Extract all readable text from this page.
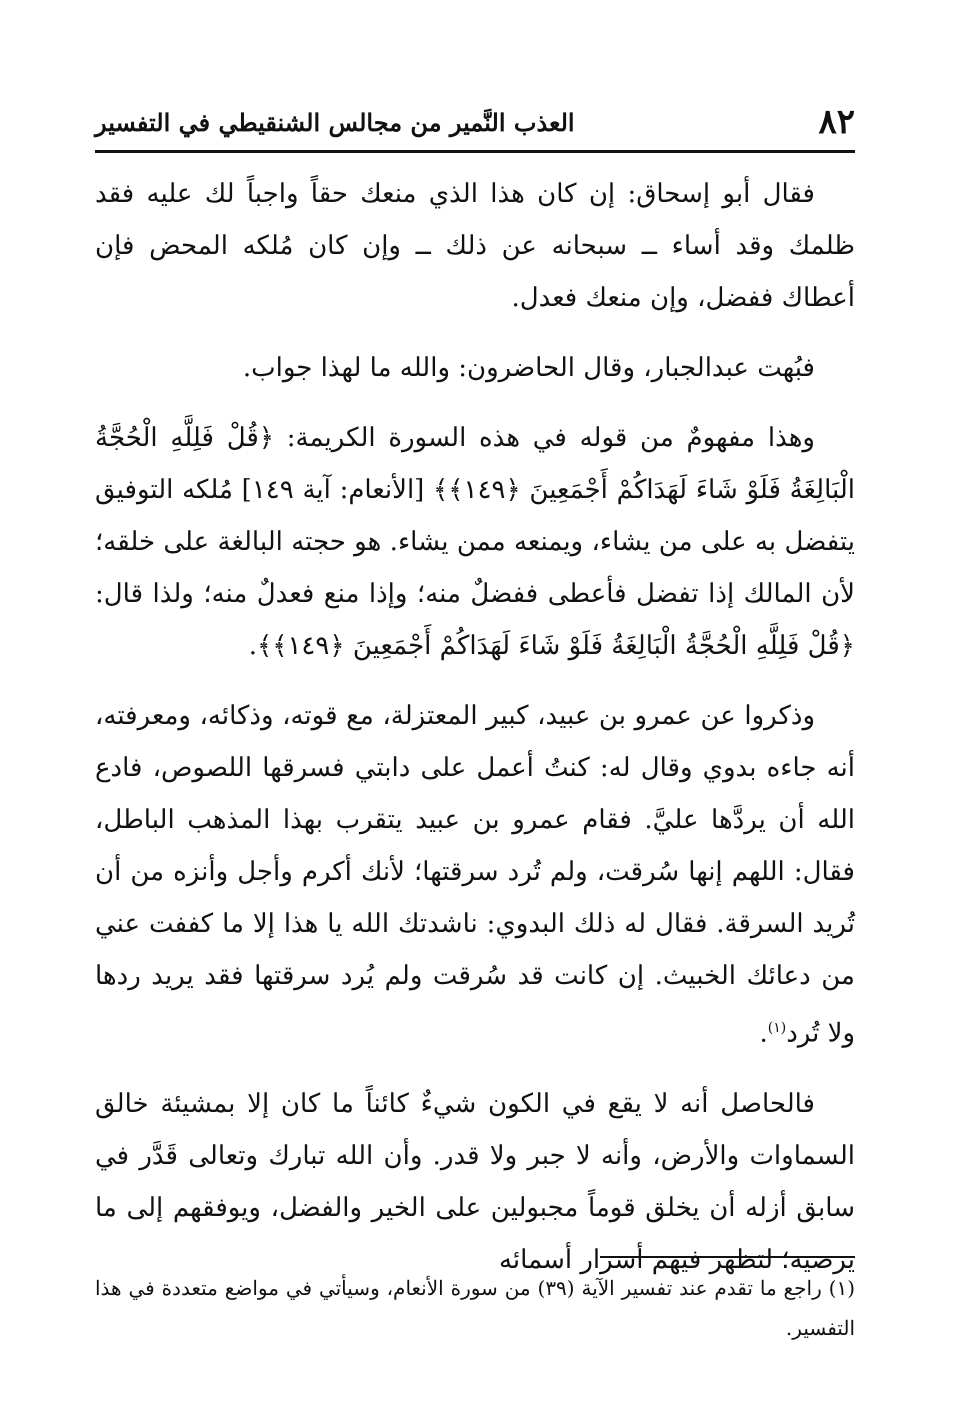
٨٢
العذب النَّمير من مجالس الشنقيطي في التفسير

فقال أبو إسحاق: إن كان هذا الذي منعك حقاً واجباً لك عليه فقد ظلمك وقد أساء ــ سبحانه عن ذلك ــ وإن كان مُلكه المحض فإن أعطاك ففضل، وإن منعك فعدل.

فبُهت عبدالجبار، وقال الحاضرون: والله ما لهذا جواب.

وهذا مفهومٌ من قوله في هذه السورة الكريمة: ﴿قُلْ فَلِلَّهِ الْحُجَّةُ الْبَالِغَةُ فَلَوْ شَاءَ لَهَدَاكُمْ أَجْمَعِينَ ﴿١٤٩﴾﴾ [الأنعام: آية ١٤٩] مُلكه التوفيق يتفضل به على من يشاء، ويمنعه ممن يشاء. هو حجته البالغة على خلقه؛ لأن المالك إذا تفضل فأعطى ففضلٌ منه؛ وإذا منع فعدلٌ منه؛ ولذا قال: ﴿قُلْ فَلِلَّهِ الْحُجَّةُ الْبَالِغَةُ فَلَوْ شَاءَ لَهَدَاكُمْ أَجْمَعِينَ ﴿١٤٩﴾﴾.

وذكروا عن عمرو بن عبيد، كبير المعتزلة، مع قوته، وذكائه، ومعرفته، أنه جاءه بدوي وقال له: كنتُ أعمل على دابتي فسرقها اللصوص، فادع الله أن يردَّها عليَّ. فقام عمرو بن عبيد يتقرب بهذا المذهب الباطل، فقال: اللهم إنها سُرقت، ولم تُرد سرقتها؛ لأنك أكرم وأجل وأنزه من أن تُريد السرقة. فقال له ذلك البدوي: ناشدتك الله يا هذا إلا ما كففت عني من دعائك الخبيث. إن كانت قد سُرقت ولم يُرد سرقتها فقد يريد ردها ولا تُرد$^{(١)}$.

فالحاصل أنه لا يقع في الكون شيءٌ كائناً ما كان إلا بمشيئة خالق السماوات والأرض، وأنه لا جبر ولا قدر. وأن الله تبارك وتعالى قَدَّر في سابق أزله أن يخلق قوماً مجبولين على الخير والفضل، ويوفقهم إلى ما يرضيه؛ لتظهر فيهم أسرار أسمائه

(١) راجع ما تقدم عند تفسير الآية (٣٩) من سورة الأنعام، وسيأتي في مواضع متعددة في هذا التفسير.
